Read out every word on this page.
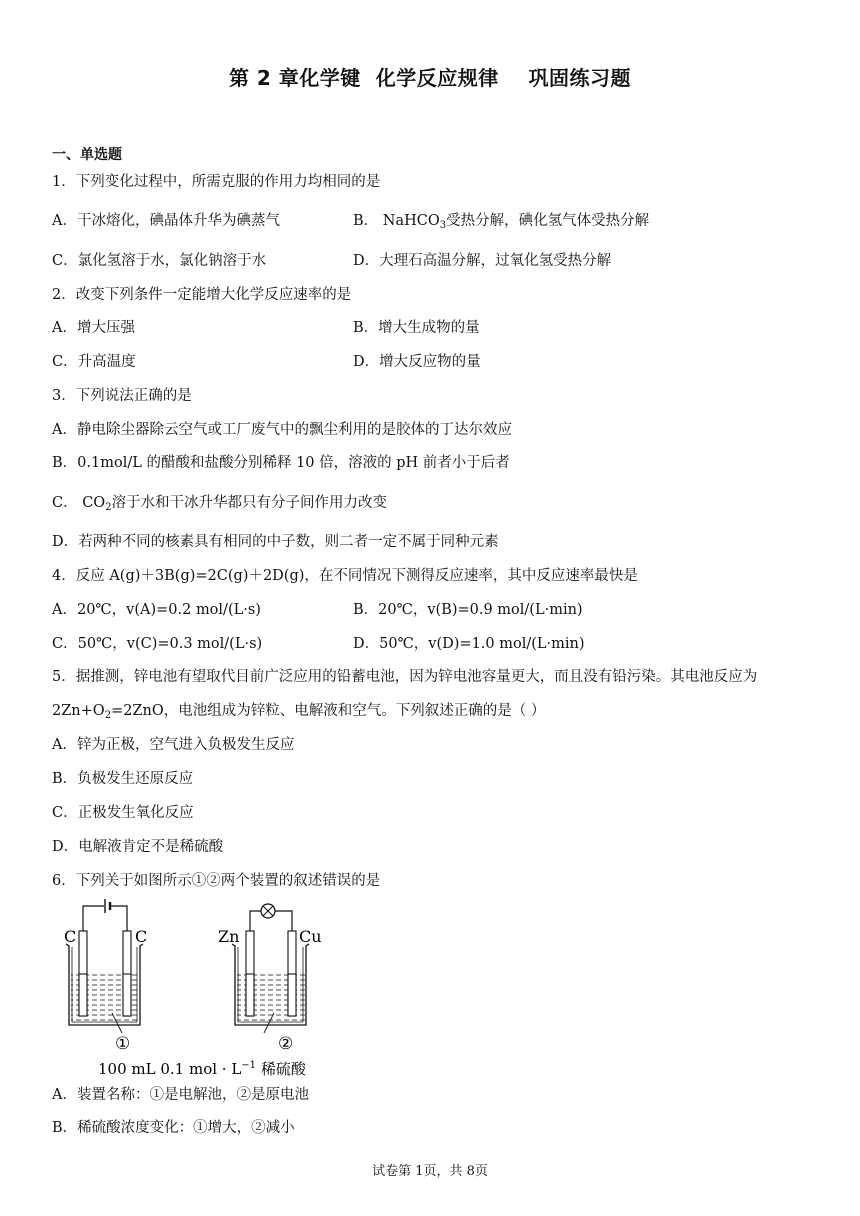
第 2 章化学键  化学反应规律    巩固练习题
一、单选题
1．下列变化过程中，所需克服的作用力均相同的是
A．干冰熔化，碘晶体升华为碘蒸气	B． NaHCO$_3$受热分解，碘化氢气体受热分解
C．氯化氢溶于水，氯化钠溶于水	D．大理石高温分解，过氧化氢受热分解
2．改变下列条件一定能增大化学反应速率的是
A．增大压强	B．增大生成物的量
C．升高温度	D．增大反应物的量
3．下列说法正确的是
A．静电除尘器除云空气或工厂废气中的飘尘利用的是胶体的丁达尔效应
B．0.1mol/L 的醋酸和盐酸分别稀释 10 倍，溶液的 pH 前者小于后者
C． $CO_2$溶于水和干冰升华都只有分子间作用力改变
D．若两种不同的核素具有相同的中子数，则二者一定不属于同种元素
4．反应 A(g)＋3B(g)=2C(g)＋2D(g)，在不同情况下测得反应速率，其中反应速率最快是
A．20℃，v(A)=0.2 mol/(L·s)	B．20℃，v(B)=0.9 mol/(L·min)
C．50℃，v(C)=0.3 mol/(L·s)	D．50℃，v(D)=1.0 mol/(L·min)
5．据推测，锌电池有望取代目前广泛应用的铅蓄电池，因为锌电池容量更大，而且没有铅污染。其电池反应为
$2Zn+O_2=2ZnO$，电池组成为锌粒、电解液和空气。下列叙述正确的是（ ）
A．锌为正极，空气进入负极发生反应
B．负极发生还原反应
C．正极发生氧化反应
D．电解液肯定不是稀硫酸
6．下列关于如图所示①②两个装置的叙述错误的是
C	C
①
Zn	Cu
②
100 mL 0.1 mol · $L^{-1}$ 稀硫酸
A．装置名称：①是电解池，②是原电池
B．稀硫酸浓度变化：①增大，②减小
试卷第 1页，共 8页
